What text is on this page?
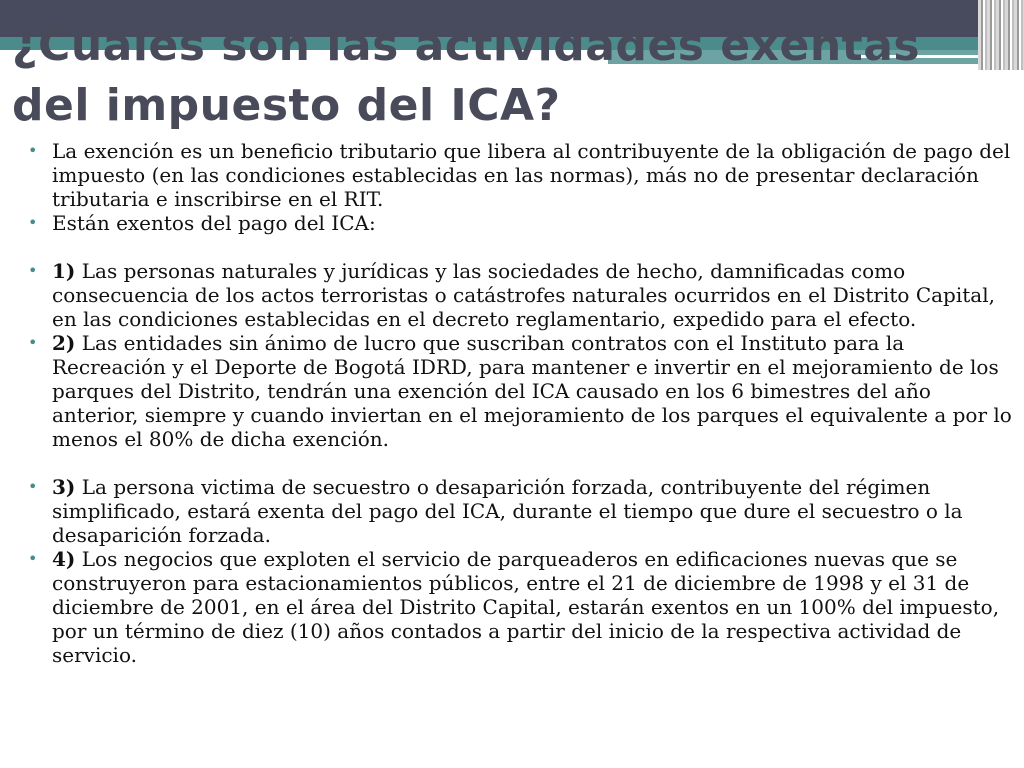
¿Cuales son las actividades exentas del impuesto del ICA?
• La exención es un beneficio tributario que libera al contribuyente de la obligación de pago del impuesto (en las condiciones establecidas en las normas), más no de presentar declaración tributaria e inscribirse en el RIT.
• Están exentos del pago del ICA:
• 1) Las personas naturales y jurídicas y las sociedades de hecho, damnificadas como consecuencia de los actos terroristas o catástrofes naturales ocurridos en el Distrito Capital, en las condiciones establecidas en el decreto reglamentario, expedido para el efecto.
• 2) Las entidades sin ánimo de lucro que suscriban contratos con el Instituto para la Recreación y el Deporte de Bogotá IDRD, para mantener e invertir en el mejoramiento de los parques del Distrito, tendrán una exención del ICA causado en los 6 bimestres del año anterior, siempre y cuando inviertan en el mejoramiento de los parques el equivalente a por lo menos el 80% de dicha exención.
• 3) La persona victima de secuestro o desaparición forzada, contribuyente del régimen simplificado, estará exenta del pago del ICA, durante el tiempo que dure el secuestro o la desaparición forzada.
• 4) Los negocios que exploten el servicio de parqueaderos en edificaciones nuevas que se construyeron para estacionamientos públicos, entre el 21 de diciembre de 1998 y el 31 de diciembre de 2001, en el área del Distrito Capital, estarán exentos en un 100% del impuesto, por un término de diez (10) años contados a partir del inicio de la respectiva actividad de servicio.
